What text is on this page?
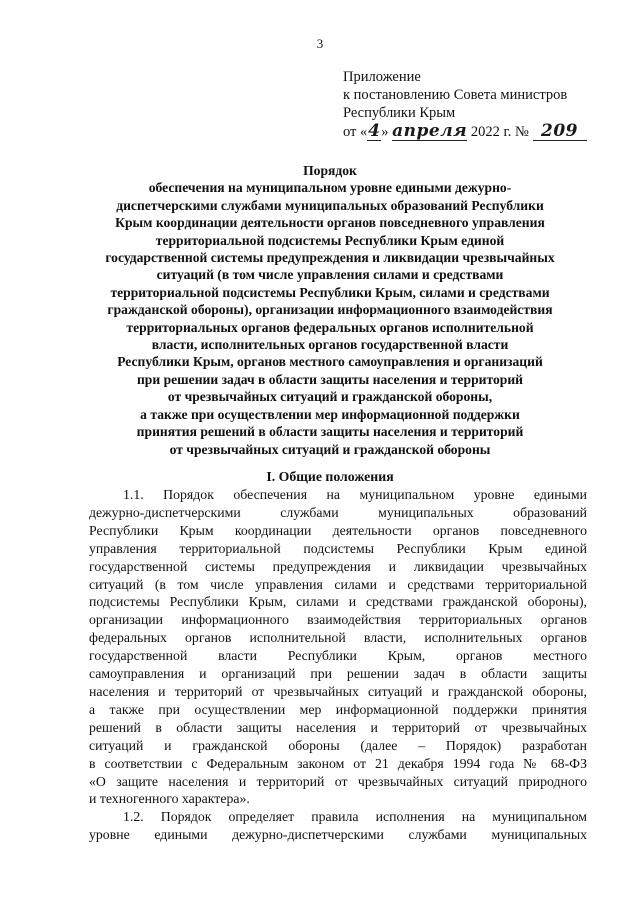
3
Приложение
к постановлению Совета министров
Республики Крым
от «4» апреля 2022 г. № 209
Порядок
обеспечения на муниципальном уровне едиными дежурно-
диспетчерскими службами муниципальных образований Республики
Крым координации деятельности органов повседневного управления
территориальной подсистемы Республики Крым единой
государственной системы предупреждения и ликвидации чрезвычайных
ситуаций (в том числе управления силами и средствами
территориальной подсистемы Республики Крым, силами и средствами
гражданской обороны), организации информационного взаимодействия
территориальных органов федеральных органов исполнительной
власти, исполнительных органов государственной власти
Республики Крым, органов местного самоуправления и организаций
при решении задач в области защиты населения и территорий
от чрезвычайных ситуаций и гражданской обороны,
а также при осуществлении мер информационной поддержки
принятия решений в области защиты населения и территорий
от чрезвычайных ситуаций и гражданской обороны
I. Общие положения
1.1. Порядок обеспечения на муниципальном уровне едиными
дежурно-диспетчерскими службами муниципальных образований
Республики Крым координации деятельности органов повседневного
управления территориальной подсистемы Республики Крым единой
государственной системы предупреждения и ликвидации чрезвычайных
ситуаций (в том числе управления силами и средствами территориальной
подсистемы Республики Крым, силами и средствами гражданской обороны),
организации информационного взаимодействия территориальных органов
федеральных органов исполнительной власти, исполнительных органов
государственной власти Республики Крым, органов местного
самоуправления и организаций при решении задач в области защиты
населения и территорий от чрезвычайных ситуаций и гражданской обороны,
а также при осуществлении мер информационной поддержки принятия
решений в области защиты населения и территорий от чрезвычайных
ситуаций и гражданской обороны (далее – Порядок) разработан
в соответствии с Федеральным законом от 21 декабря 1994 года № 68-ФЗ
«О защите населения и территорий от чрезвычайных ситуаций природного
и техногенного характера».
1.2. Порядок определяет правила исполнения на муниципальном
уровне едиными дежурно-диспетчерскими службами муниципальных
